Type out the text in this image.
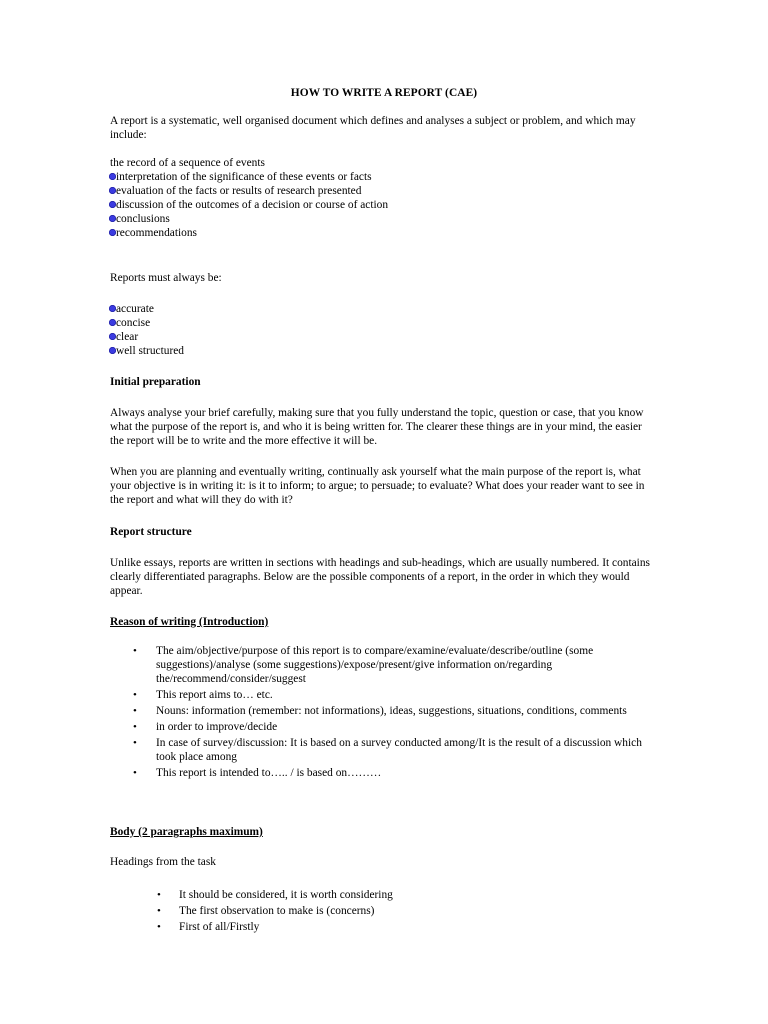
HOW TO WRITE A REPORT (CAE)

A report is a systematic, well organised document which defines and analyses a subject or problem, and which may include:

the record of a sequence of events
interpretation of the significance of these events or facts
evaluation of the facts or results of research presented
discussion of the outcomes of a decision or course of action
conclusions
recommendations

Reports must always be:

accurate
concise
clear
well structured

Initial preparation

Always analyse your brief carefully, making sure that you fully understand the topic, question or case, that you know what the purpose of the report is, and who it is being written for. The clearer these things are in your mind, the easier the report will be to write and the more effective it will be.

When you are planning and eventually writing, continually ask yourself what the main purpose of the report is, what your objective is in writing it: is it to inform; to argue; to persuade; to evaluate? What does your reader want to see in the report and what will they do with it?

Report structure

Unlike essays, reports are written in sections with headings and sub-headings, which are usually numbered. It contains clearly differentiated paragraphs. Below are the possible components of a report, in the order in which they would appear.

Reason of writing (Introduction)

• The aim/objective/purpose of this report is to compare/examine/evaluate/describe/outline (some suggestions)/analyse (some suggestions)/expose/present/give information on/regarding the/recommend/consider/suggest
• This report aims to… etc.
• Nouns: information (remember: not informations), ideas, suggestions, situations, conditions, comments
• in order to improve/decide
• In case of survey/discussion: It is based on a survey conducted among/It is the result of a discussion which took place among
• This report is intended to….. / is based on………

Body (2 paragraphs maximum)

Headings from the task

• It should be considered, it is worth considering
• The first observation to make is (concerns)
• First of all/Firstly
